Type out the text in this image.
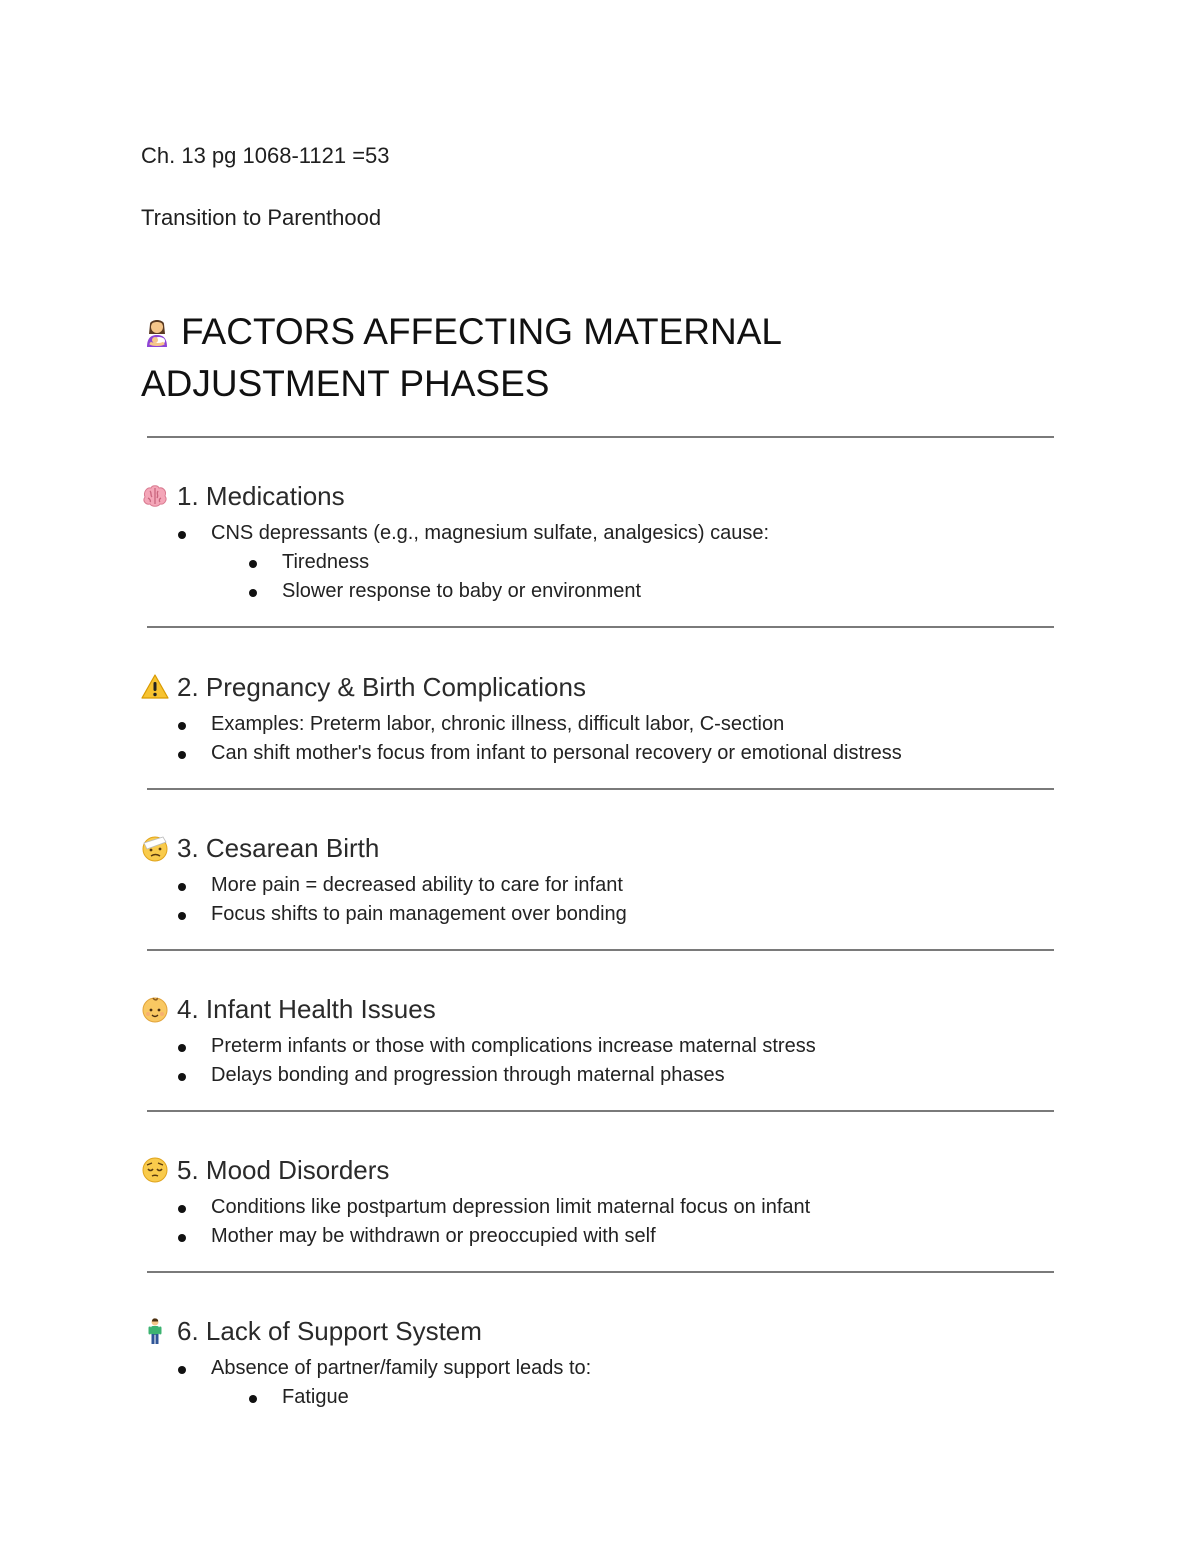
Ch. 13 pg 1068-1121 =53
Transition to Parenthood
FACTORS AFFECTING MATERNAL
ADJUSTMENT PHASES
1. Medications
CNS depressants (e.g., magnesium sulfate, analgesics) cause:
Tiredness
Slower response to baby or environment
2. Pregnancy & Birth Complications
Examples: Preterm labor, chronic illness, difficult labor, C-section
Can shift mother's focus from infant to personal recovery or emotional distress
3. Cesarean Birth
More pain = decreased ability to care for infant
Focus shifts to pain management over bonding
4. Infant Health Issues
Preterm infants or those with complications increase maternal stress
Delays bonding and progression through maternal phases
5. Mood Disorders
Conditions like postpartum depression limit maternal focus on infant
Mother may be withdrawn or preoccupied with self
6. Lack of Support System
Absence of partner/family support leads to:
Fatigue
